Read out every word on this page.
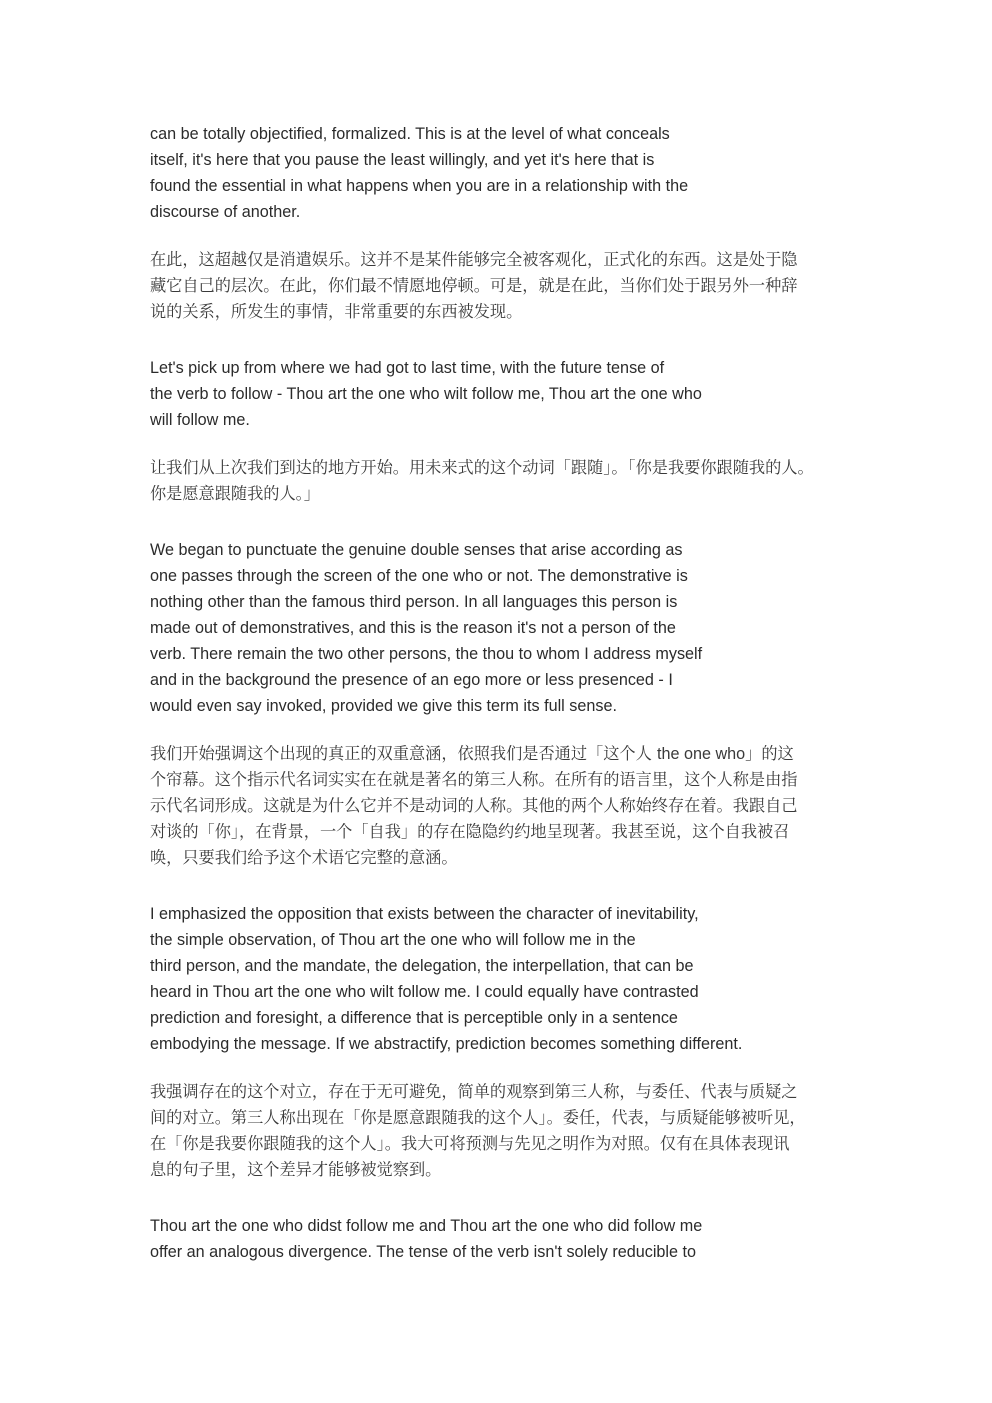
can be totally objectified, formalized. This is at the level of what conceals
itself, it's here that you pause the least willingly, and yet it's here that is
found the essential in what happens when you are in a relationship with the
discourse of another.
在此，这超越仅是消遣娱乐。这并不是某件能够完全被客观化，正式化的东西。这是处于隐
藏它自己的层次。在此，你们最不情愿地停顿。可是，就是在此，当你们处于跟另外一种辞
说的关系，所发生的事情，非常重要的东西被发现。
Let's pick up from where we had got to last time, with the future tense of
the verb to follow - Thou art the one who wilt follow me, Thou art the one who
will follow me.
让我们从上次我们到达的地方开始。用未来式的这个动词「跟随」。「你是我要你跟随我的人。
你是愿意跟随我的人。」
We began to punctuate the genuine double senses that arise according as
one passes through the screen of the one who or not. The demonstrative is
nothing other than the famous third person. In all languages this person is
made out of demonstratives, and this is the reason it's not a person of the
verb. There remain the two other persons, the thou to whom I address myself
and in the background the presence of an ego more or less presenced - I
would even say invoked, provided we give this term its full sense.
我们开始强调这个出现的真正的双重意涵，依照我们是否通过「这个人 the one who」的这
个帘幕。这个指示代名词实实在在就是著名的第三人称。在所有的语言里，这个人称是由指
示代名词形成。这就是为什么它并不是动词的人称。其他的两个人称始终存在着。我跟自己
对谈的「你」，在背景，一个「自我」的存在隐隐约约地呈现著。我甚至说，这个自我被召
唤，只要我们给予这个术语它完整的意涵。
I emphasized the opposition that exists between the character of inevitability,
the simple observation, of Thou art the one who will follow me in the
third person, and the mandate, the delegation, the interpellation, that can be
heard in Thou art the one who wilt follow me. I could equally have contrasted
prediction and foresight, a difference that is perceptible only in a sentence
embodying the message. If we abstractify, prediction becomes something different.
我强调存在的这个对立，存在于无可避免，简单的观察到第三人称，与委任、代表与质疑之
间的对立。第三人称出现在「你是愿意跟随我的这个人」。委任，代表，与质疑能够被听见，
在「你是我要你跟随我的这个人」。我大可将预测与先见之明作为对照。仅有在具体表现讯
息的句子里，这个差异才能够被觉察到。
Thou art the one who didst follow me and Thou art the one who did follow me
offer an analogous divergence. The tense of the verb isn't solely reducible to
